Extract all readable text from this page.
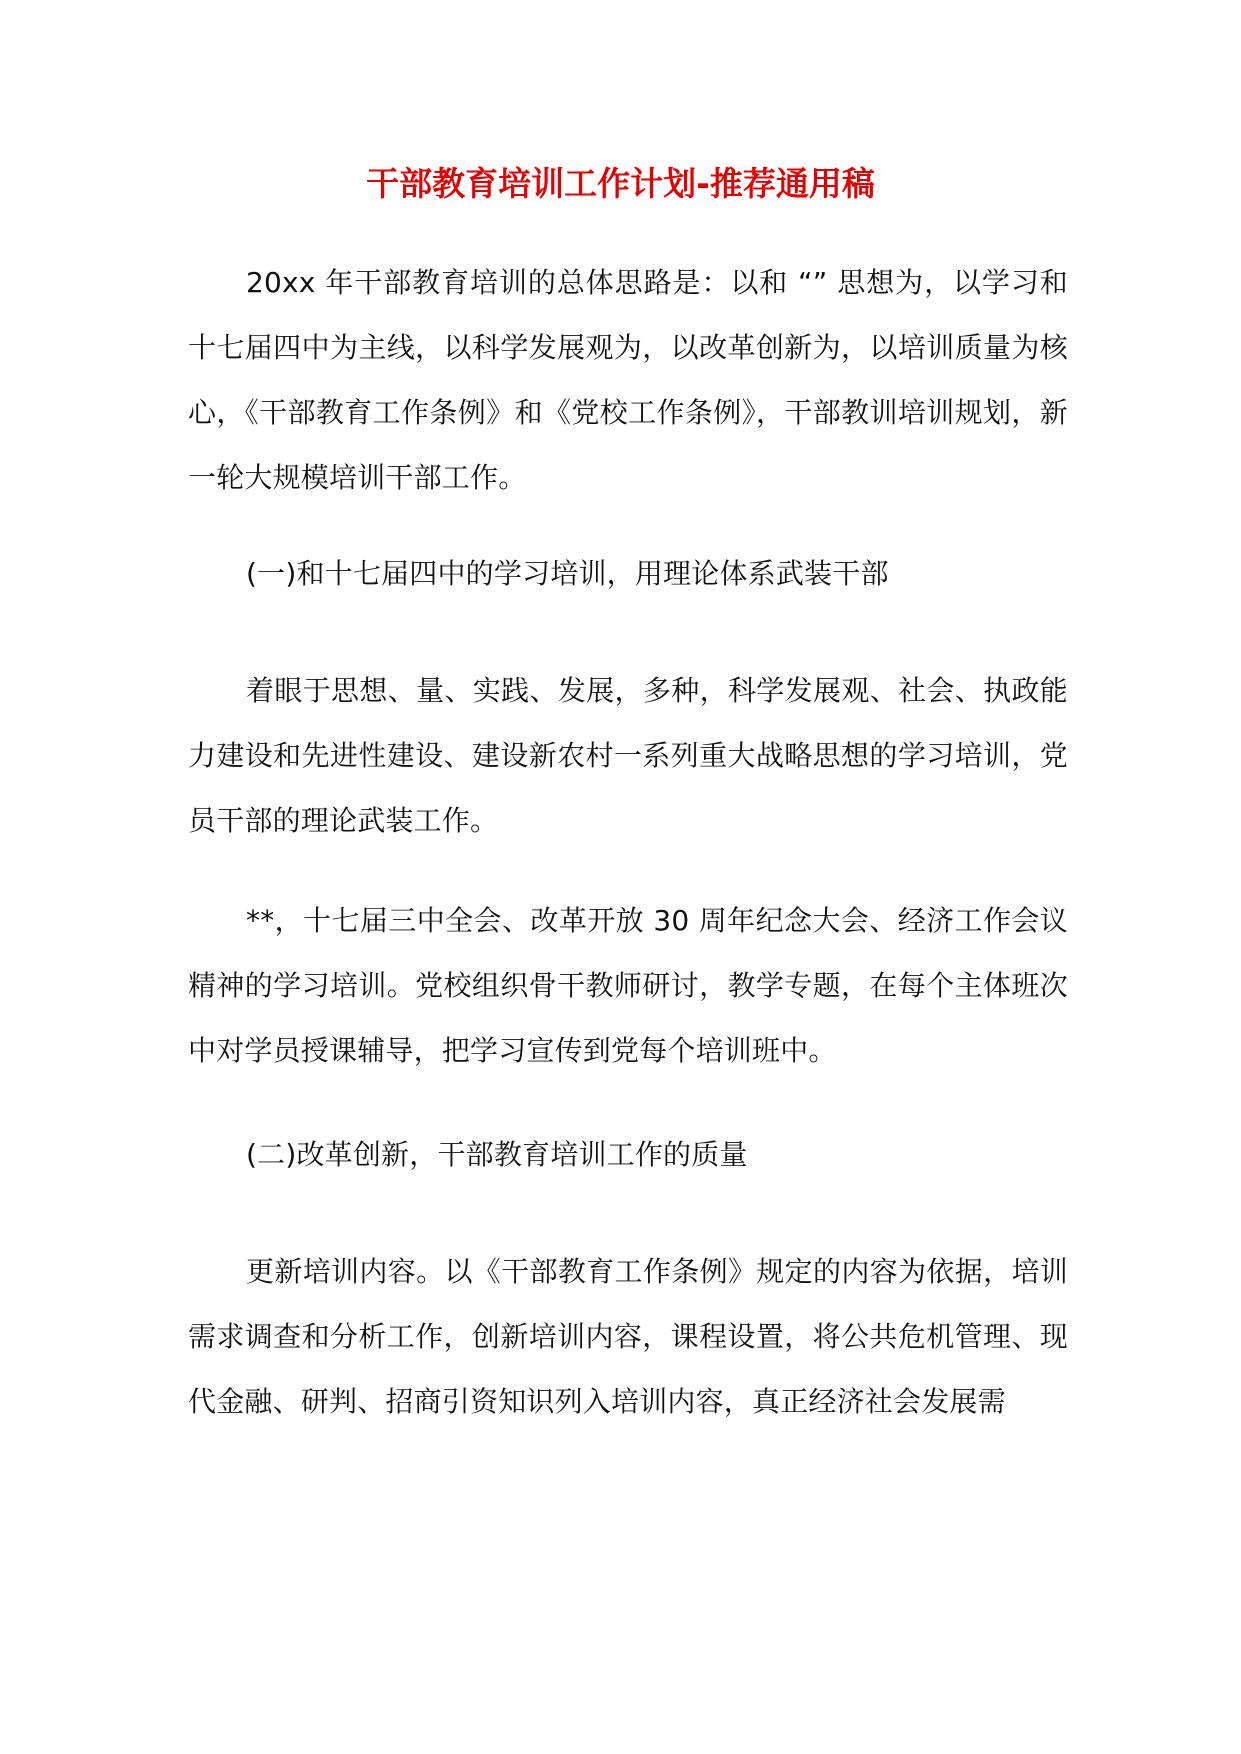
干部教育培训工作计划-推荐通用稿

20xx 年干部教育培训的总体思路是：以和 “” 思想为，以学习和十七届四中为主线，以科学发展观为，以改革创新为，以培训质量为核心，《干部教育工作条例》和《党校工作条例》，干部教训培训规划，新一轮大规模培训干部工作。

(一)和十七届四中的学习培训，用理论体系武装干部

着眼于思想、量、实践、发展，多种，科学发展观、社会、执政能力建设和先进性建设、建设新农村一系列重大战略思想的学习培训，党员干部的理论武装工作。

**，十七届三中全会、改革开放 30 周年纪念大会、经济工作会议精神的学习培训。党校组织骨干教师研讨，教学专题，在每个主体班次中对学员授课辅导，把学习宣传到党每个培训班中。

(二)改革创新，干部教育培训工作的质量

更新培训内容。以《干部教育工作条例》规定的内容为依据，培训需求调查和分析工作，创新培训内容，课程设置，将公共危机管理、现代金融、研判、招商引资知识列入培训内容，真正经济社会发展需
